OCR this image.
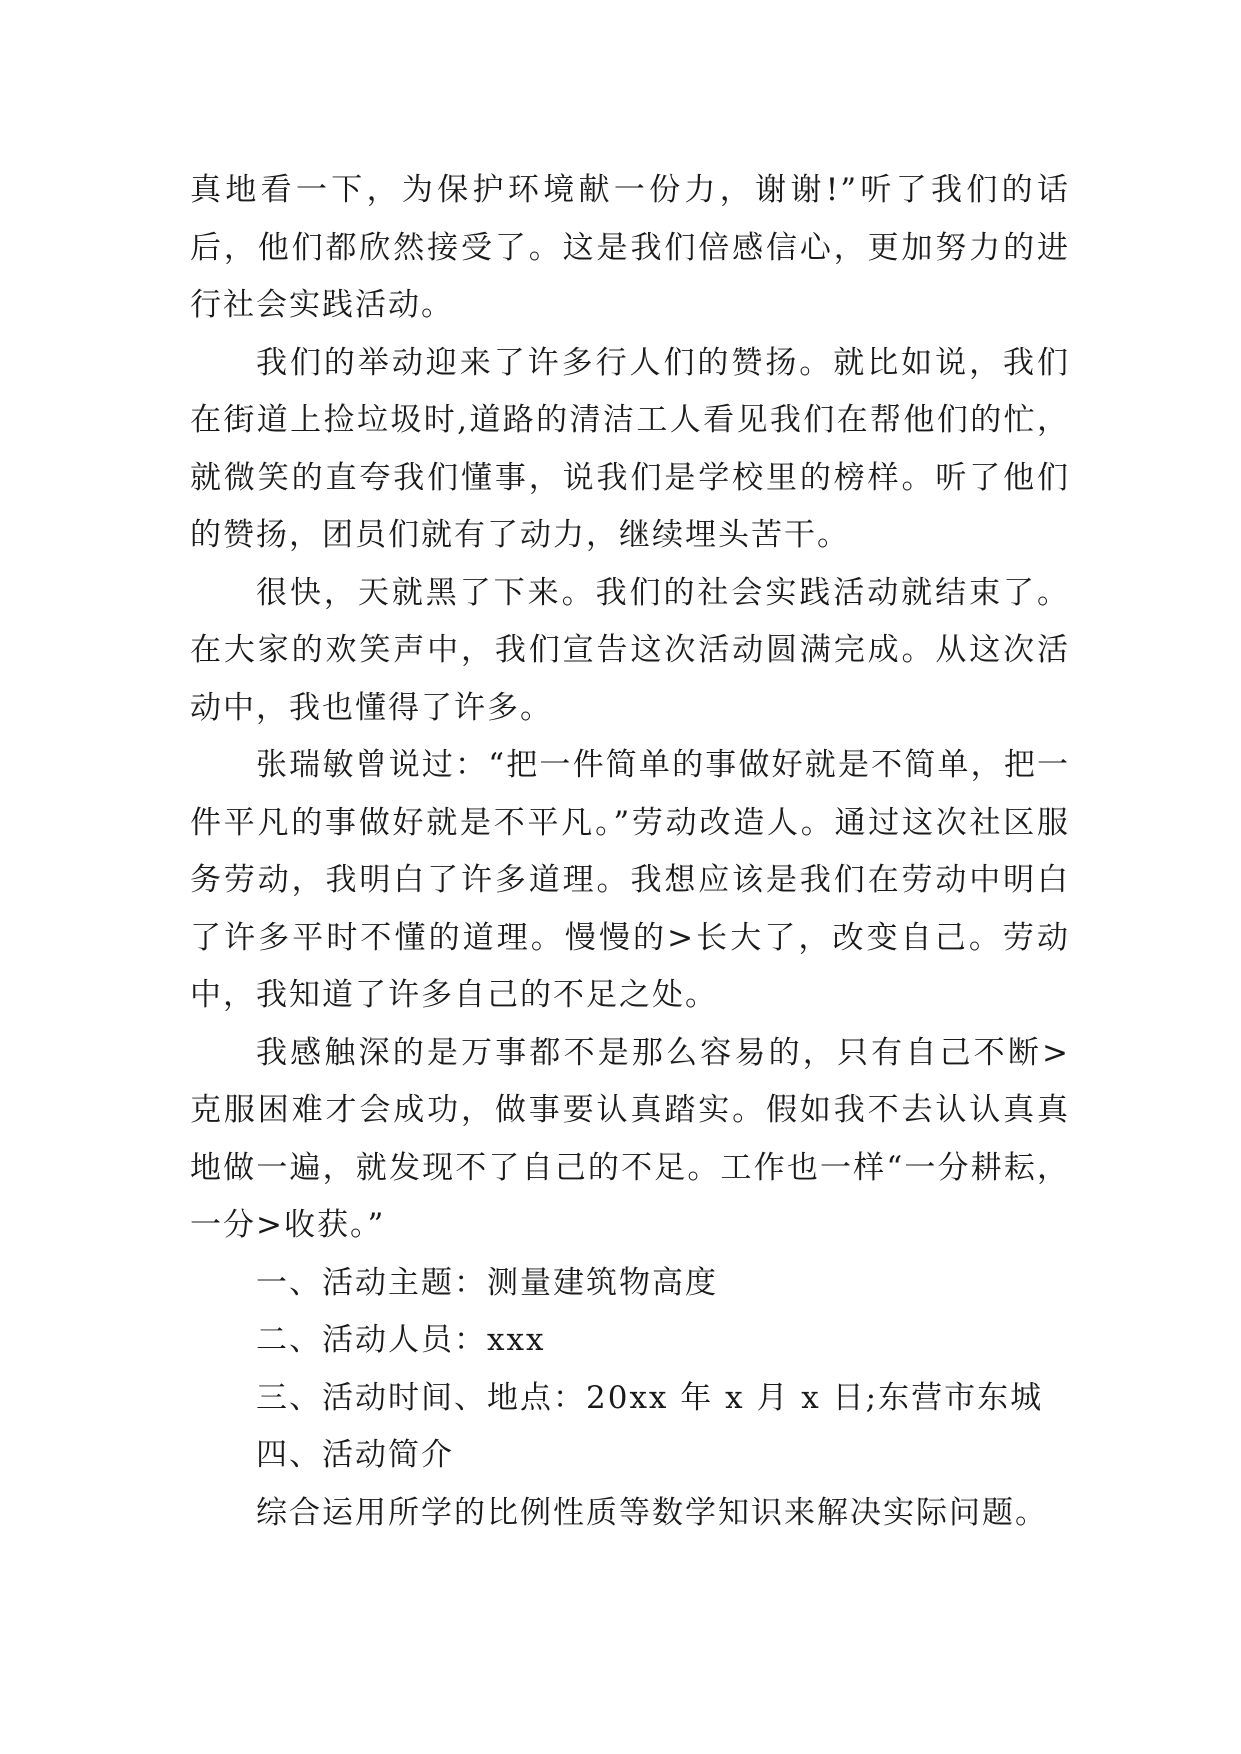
真地看一下，为保护环境献一份力，谢谢!”听了我们的话后，他们都欣然接受了。这是我们倍感信心，更加努力的进行社会实践活动。

我们的举动迎来了许多行人们的赞扬。就比如说，我们在街道上捡垃圾时,道路的清洁工人看见我们在帮他们的忙，就微笑的直夸我们懂事，说我们是学校里的榜样。听了他们的赞扬，团员们就有了动力，继续埋头苦干。

很快，天就黑了下来。我们的社会实践活动就结束了。在大家的欢笑声中，我们宣告这次活动圆满完成。从这次活动中，我也懂得了许多。

张瑞敏曾说过：“把一件简单的事做好就是不简单，把一件平凡的事做好就是不平凡。”劳动改造人。通过这次社区服务劳动，我明白了许多道理。我想应该是我们在劳动中明白了许多平时不懂的道理。慢慢的>长大了，改变自己。劳动中，我知道了许多自己的不足之处。

我感触深的是万事都不是那么容易的，只有自己不断>克服困难才会成功，做事要认真踏实。假如我不去认认真真地做一遍，就发现不了自己的不足。工作也一样“一分耕耘，一分>收获。”

一、活动主题：测量建筑物高度

二、活动人员：xxx

三、活动时间、地点：20xx 年 x 月 x 日;东营市东城

四、活动简介

综合运用所学的比例性质等数学知识来解决实际问题。
